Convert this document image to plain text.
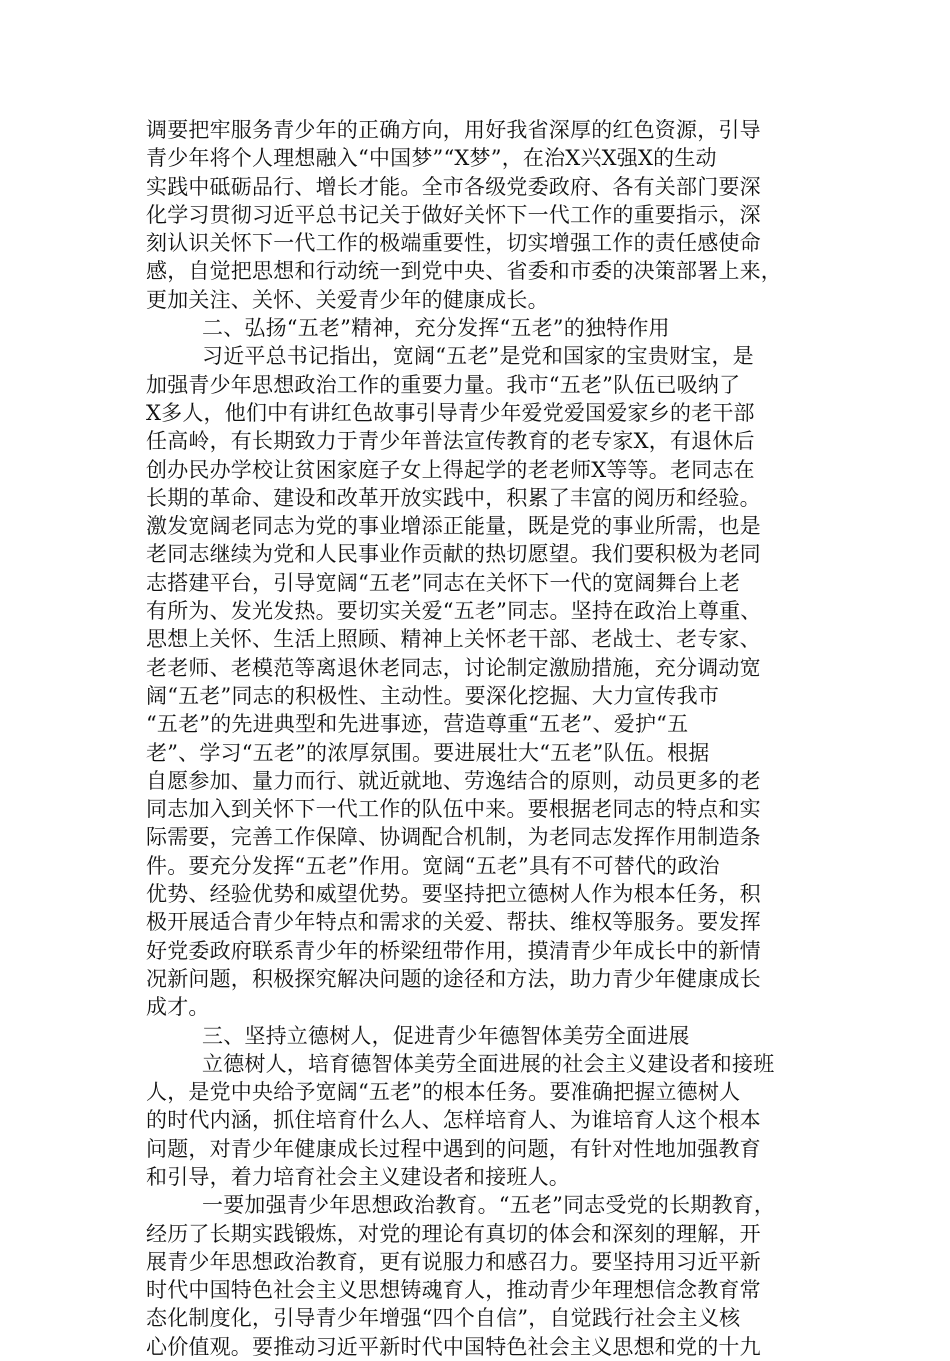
调要把牢服务青少年的正确方向，用好我省深厚的红色资源，引导
青少年将个人理想融入“中国梦”“X梦”，在治X兴X强X的生动
实践中砥砺品行、增长才能。全市各级党委政府、各有关部门要深
化学习贯彻习近平总书记关于做好关怀下一代工作的重要指示，深
刻认识关怀下一代工作的极端重要性，切实增强工作的责任感使命
感，自觉把思想和行动统一到党中央、省委和市委的决策部署上来，
更加关注、关怀、关爱青少年的健康成长。
二、弘扬“五老”精神，充分发挥“五老”的独特作用
习近平总书记指出，宽阔“五老”是党和国家的宝贵财宝，是
加强青少年思想政治工作的重要力量。我市“五老”队伍已吸纳了
X多人，他们中有讲红色故事引导青少年爱党爱国爱家乡的老干部
任高岭，有长期致力于青少年普法宣传教育的老专家X，有退休后
创办民办学校让贫困家庭子女上得起学的老老师X等等。老同志在
长期的革命、建设和改革开放实践中，积累了丰富的阅历和经验。
激发宽阔老同志为党的事业增添正能量，既是党的事业所需，也是
老同志继续为党和人民事业作贡献的热切愿望。我们要积极为老同
志搭建平台，引导宽阔“五老”同志在关怀下一代的宽阔舞台上老
有所为、发光发热。要切实关爱“五老”同志。坚持在政治上尊重、
思想上关怀、生活上照顾、精神上关怀老干部、老战士、老专家、
老老师、老模范等离退休老同志，讨论制定激励措施，充分调动宽
阔“五老”同志的积极性、主动性。要深化挖掘、大力宣传我市
“五老”的先进典型和先进事迹，营造尊重“五老”、爱护“五
老”、学习“五老”的浓厚氛围。要进展壮大“五老”队伍。根据
自愿参加、量力而行、就近就地、劳逸结合的原则，动员更多的老
同志加入到关怀下一代工作的队伍中来。要根据老同志的特点和实
际需要，完善工作保障、协调配合机制，为老同志发挥作用制造条
件。要充分发挥“五老”作用。宽阔“五老”具有不可替代的政治
优势、经验优势和威望优势。要坚持把立德树人作为根本任务，积
极开展适合青少年特点和需求的关爱、帮扶、维权等服务。要发挥
好党委政府联系青少年的桥梁纽带作用，摸清青少年成长中的新情
况新问题，积极探究解决问题的途径和方法，助力青少年健康成长
成才。
三、坚持立德树人，促进青少年德智体美劳全面进展
立德树人，培育德智体美劳全面进展的社会主义建设者和接班
人，是党中央给予宽阔“五老”的根本任务。要准确把握立德树人
的时代内涵，抓住培育什么人、怎样培育人、为谁培育人这个根本
问题，对青少年健康成长过程中遇到的问题，有针对性地加强教育
和引导，着力培育社会主义建设者和接班人。
一要加强青少年思想政治教育。“五老”同志受党的长期教育，
经历了长期实践锻炼，对党的理论有真切的体会和深刻的理解，开
展青少年思想政治教育，更有说服力和感召力。要坚持用习近平新
时代中国特色社会主义思想铸魂育人，推动青少年理想信念教育常
态化制度化，引导青少年增强“四个自信”，自觉践行社会主义核
心价值观。要推动习近平新时代中国特色社会主义思想和党的十九
